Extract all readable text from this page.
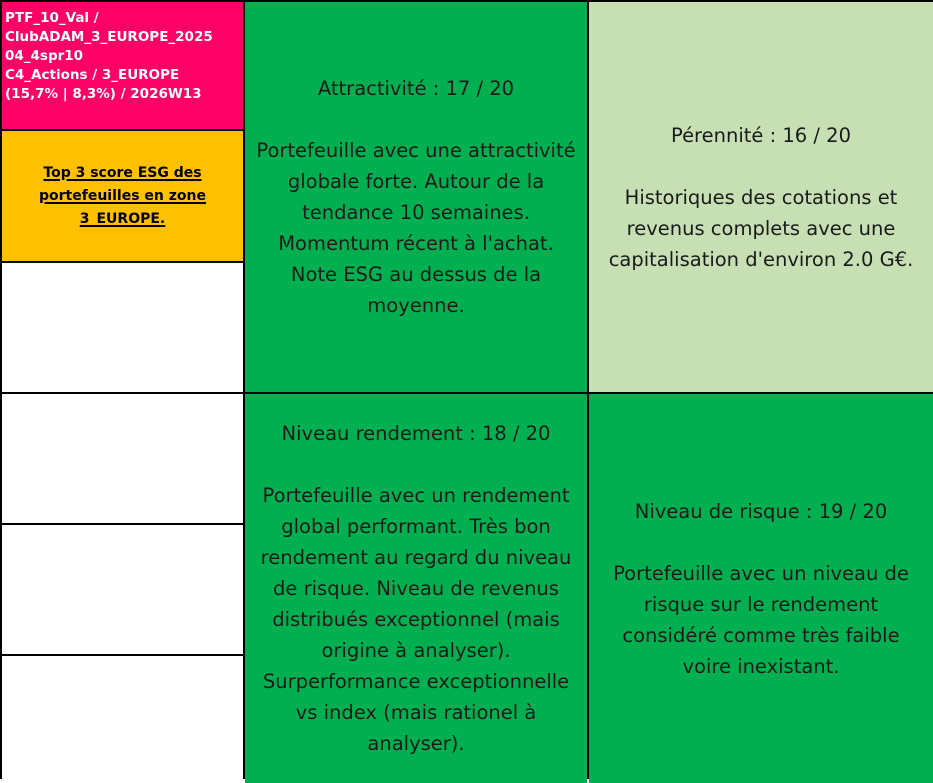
PTF_10_Val /
ClubADAM_3_EUROPE_2025
04_4spr10
C4_Actions / 3_EUROPE
(15,7% | 8,3%) / 2026W13
Top 3 score ESG des portefeuilles en zone 3_EUROPE.
Attractivité : 17 / 20
Portefeuille avec une attractivité globale forte. Autour de la tendance 10 semaines. Momentum récent à l'achat. Note ESG au dessus de la moyenne.
Pérennité : 16 / 20
Historiques des cotations et revenus complets avec une capitalisation d'environ 2.0 G€.
Niveau rendement : 18 / 20
Portefeuille avec un rendement global performant. Très bon rendement au regard du niveau de risque. Niveau de revenus distribués exceptionnel (mais origine à analyser). Surperformance exceptionnelle vs index (mais rationel à analyser).
Niveau de risque : 19 / 20
Portefeuille avec un niveau de risque sur le rendement considéré comme très faible voire inexistant.
